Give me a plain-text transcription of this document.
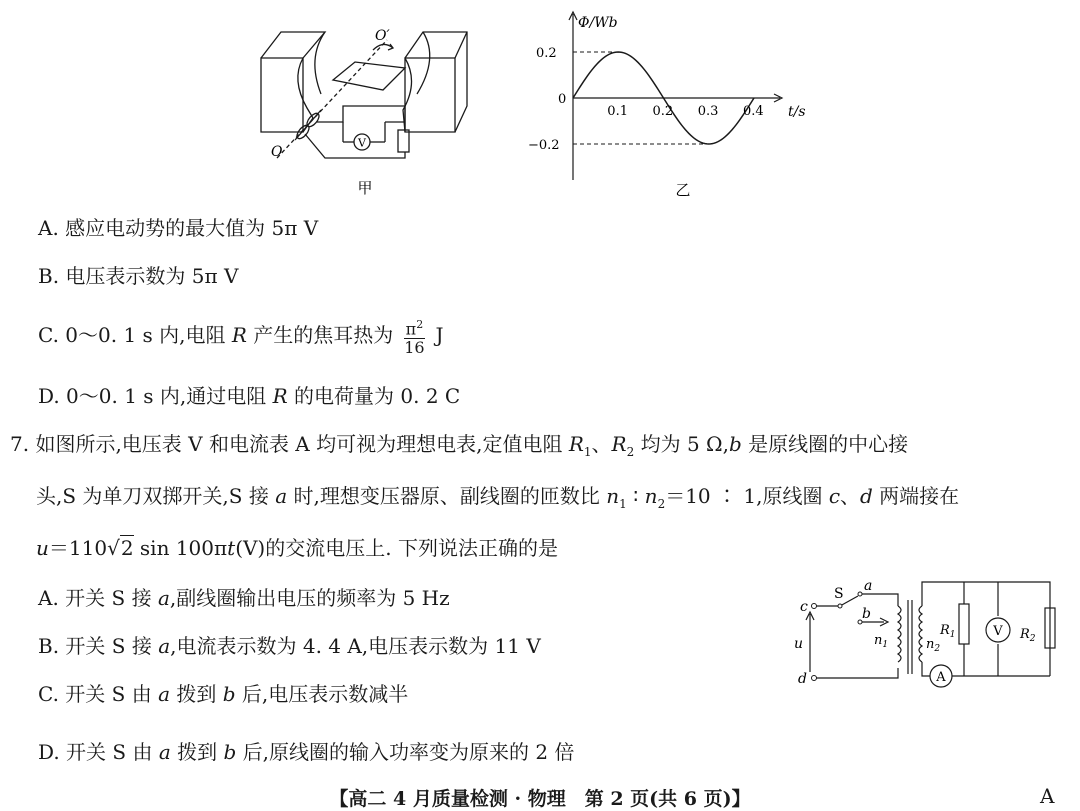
V
O′
O
甲
0.1 0.2 0.3 0.4
Φ/Wb
t/s
0
0.2
−0.2
乙
A. 感应电动势的最大值为 5π V
B. 电压表示数为 5π V
C. 0～0. 1 s 内,电阻 R 产生的焦耳热为 $\frac{\pi^2}{16}$ J
D. 0～0. 1 s 内,通过电阻 R 的电荷量为 0. 2 C
7. 如图所示,电压表 V 和电流表 A 均可视为理想电表,定值电阻 $R_1$、$R_2$ 均为 5 Ω,b 是原线圈的中心接
头,S 为单刀双掷开关,S 接 a 时,理想变压器原、副线圈的匝数比 $n_1$ ∶ $n_2=10$ ∶ 1,原线圈 c、d 两端接在
u＝110√2 sin 100πt(V)的交流电压上. 下列说法正确的是
A. 开关 S 接 a,副线圈输出电压的频率为 5 Hz
B. 开关 S 接 a,电流表示数为 4. 4 A,电压表示数为 11 V
C. 开关 S 由 a 拨到 b 后,电压表示数减半
D. 开关 S 由 a 拨到 b 后,原线圈的输入功率变为原来的 2 倍
c
d
u
S a
b
$n_1$	$n_2$
$R_1$	$R_2$
V
A
【高二 4 月质量检测 · 物理　第 2 页(共 6 页)】	A
